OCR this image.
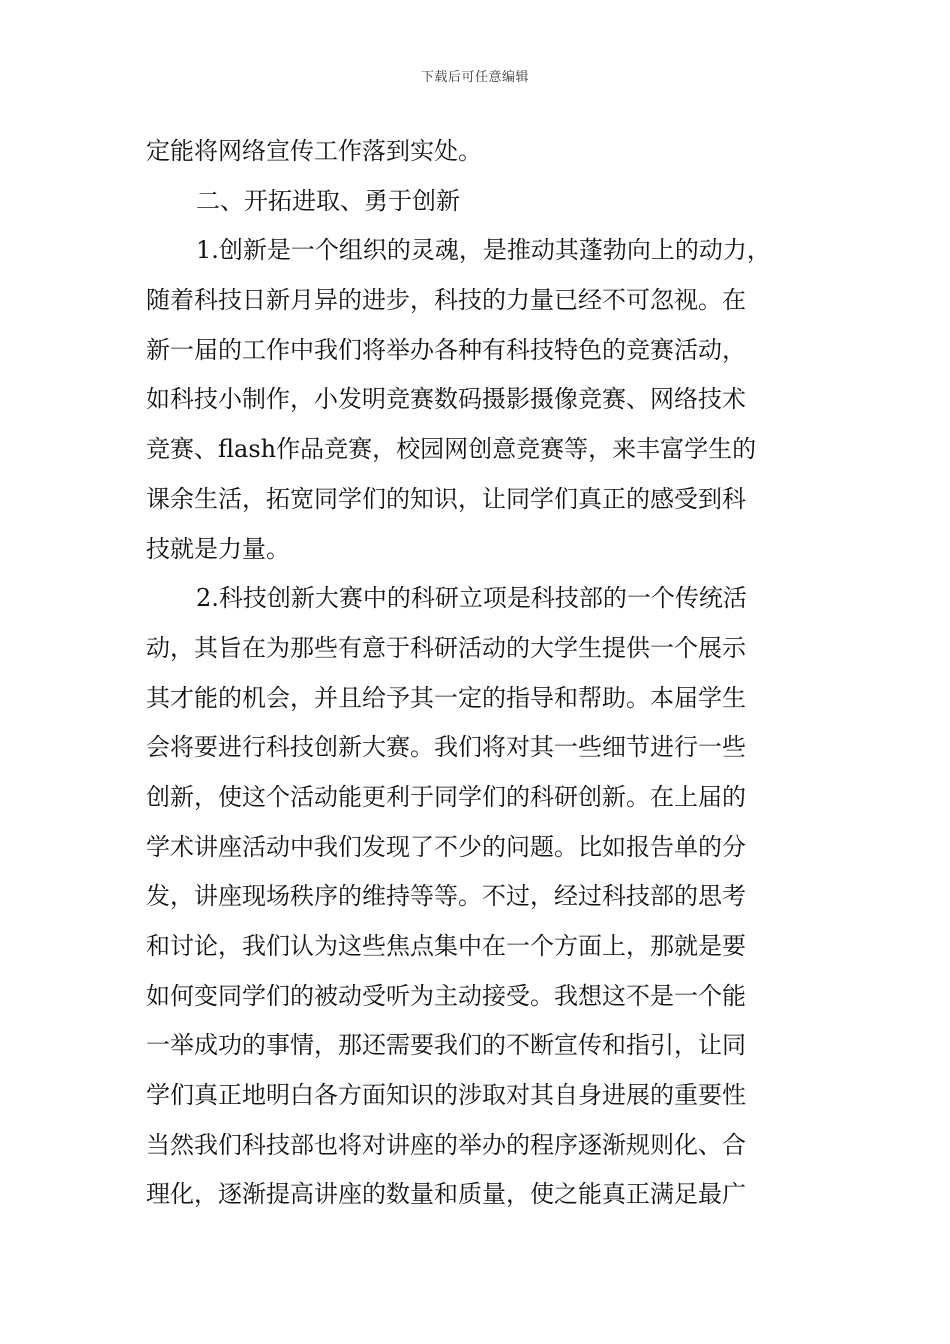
下载后可任意编辑
定能将网络宣传工作落到实处。
二、开拓进取、勇于创新
1.创新是一个组织的灵魂，是推动其蓬勃向上的动力，
随着科技日新月异的进步，科技的力量已经不可忽视。在
新一届的工作中我们将举办各种有科技特色的竞赛活动，
如科技小制作，小发明竞赛数码摄影摄像竞赛、网络技术
竞赛、flash作品竞赛，校园网创意竞赛等，来丰富学生的
课余生活，拓宽同学们的知识，让同学们真正的感受到科
技就是力量。
2.科技创新大赛中的科研立项是科技部的一个传统活
动，其旨在为那些有意于科研活动的大学生提供一个展示
其才能的机会，并且给予其一定的指导和帮助。本届学生
会将要进行科技创新大赛。我们将对其一些细节进行一些
创新，使这个活动能更利于同学们的科研创新。在上届的
学术讲座活动中我们发现了不少的问题。比如报告单的分
发，讲座现场秩序的维持等等。不过，经过科技部的思考
和讨论，我们认为这些焦点集中在一个方面上，那就是要
如何变同学们的被动受听为主动接受。我想这不是一个能
一举成功的事情，那还需要我们的不断宣传和指引，让同
学们真正地明白各方面知识的涉取对其自身进展的重要性
当然我们科技部也将对讲座的举办的程序逐渐规则化、合
理化，逐渐提高讲座的数量和质量，使之能真正满足最广
